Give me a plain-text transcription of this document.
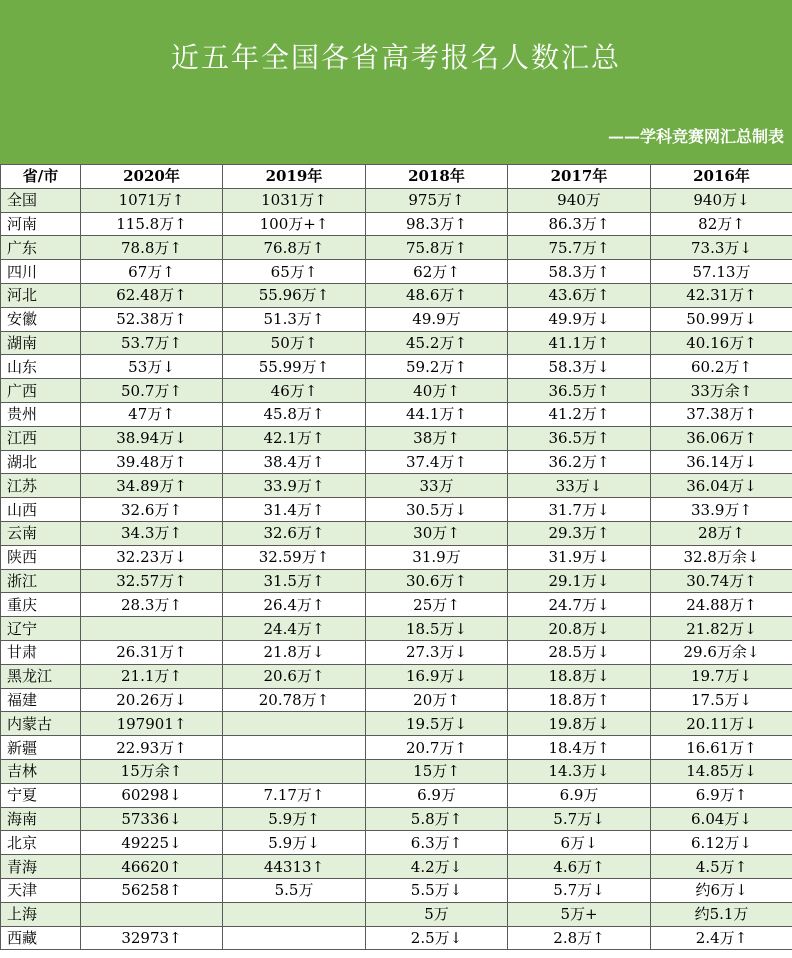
近五年全国各省高考报名人数汇总
——学科竞赛网汇总制表
省/市	2020年	2019年	2018年	2017年	2016年
全国	1071万↑	1031万↑	975万↑	940万	940万↓
河南	115.8万↑	100万+↑	98.3万↑	86.3万↑	82万↑
广东	78.8万↑	76.8万↑	75.8万↑	75.7万↑	73.3万↓
四川	67万↑	65万↑	62万↑	58.3万↑	57.13万
河北	62.48万↑	55.96万↑	48.6万↑	43.6万↑	42.31万↑
安徽	52.38万↑	51.3万↑	49.9万	49.9万↓	50.99万↓
湖南	53.7万↑	50万↑	45.2万↑	41.1万↑	40.16万↑
山东	53万↓	55.99万↑	59.2万↑	58.3万↓	60.2万↑
广西	50.7万↑	46万↑	40万↑	36.5万↑	33万余↑
贵州	47万↑	45.8万↑	44.1万↑	41.2万↑	37.38万↑
江西	38.94万↓	42.1万↑	38万↑	36.5万↑	36.06万↑
湖北	39.48万↑	38.4万↑	37.4万↑	36.2万↑	36.14万↓
江苏	34.89万↑	33.9万↑	33万	33万↓	36.04万↓
山西	32.6万↑	31.4万↑	30.5万↓	31.7万↓	33.9万↑
云南	34.3万↑	32.6万↑	30万↑	29.3万↑	28万↑
陕西	32.23万↓	32.59万↑	31.9万	31.9万↓	32.8万余↓
浙江	32.57万↑	31.5万↑	30.6万↑	29.1万↓	30.74万↑
重庆	28.3万↑	26.4万↑	25万↑	24.7万↓	24.88万↑
辽宁		24.4万↑	18.5万↓	20.8万↓	21.82万↓
甘肃	26.31万↑	21.8万↓	27.3万↓	28.5万↓	29.6万余↓
黑龙江	21.1万↑	20.6万↑	16.9万↓	18.8万↓	19.7万↓
福建	20.26万↓	20.78万↑	20万↑	18.8万↑	17.5万↓
内蒙古	197901↑		19.5万↓	19.8万↓	20.11万↓
新疆	22.93万↑		20.7万↑	18.4万↑	16.61万↑
吉林	15万余↑		15万↑	14.3万↓	14.85万↓
宁夏	60298↓	7.17万↑	6.9万	6.9万	6.9万↑
海南	57336↓	5.9万↑	5.8万↑	5.7万↓	6.04万↓
北京	49225↓	5.9万↓	6.3万↑	6万↓	6.12万↓
青海	46620↑	44313↑	4.2万↓	4.6万↑	4.5万↑
天津	56258↑	5.5万	5.5万↓	5.7万↓	约6万↓
上海			5万	5万+	约5.1万
西藏	32973↑		2.5万↓	2.8万↑	2.4万↑
